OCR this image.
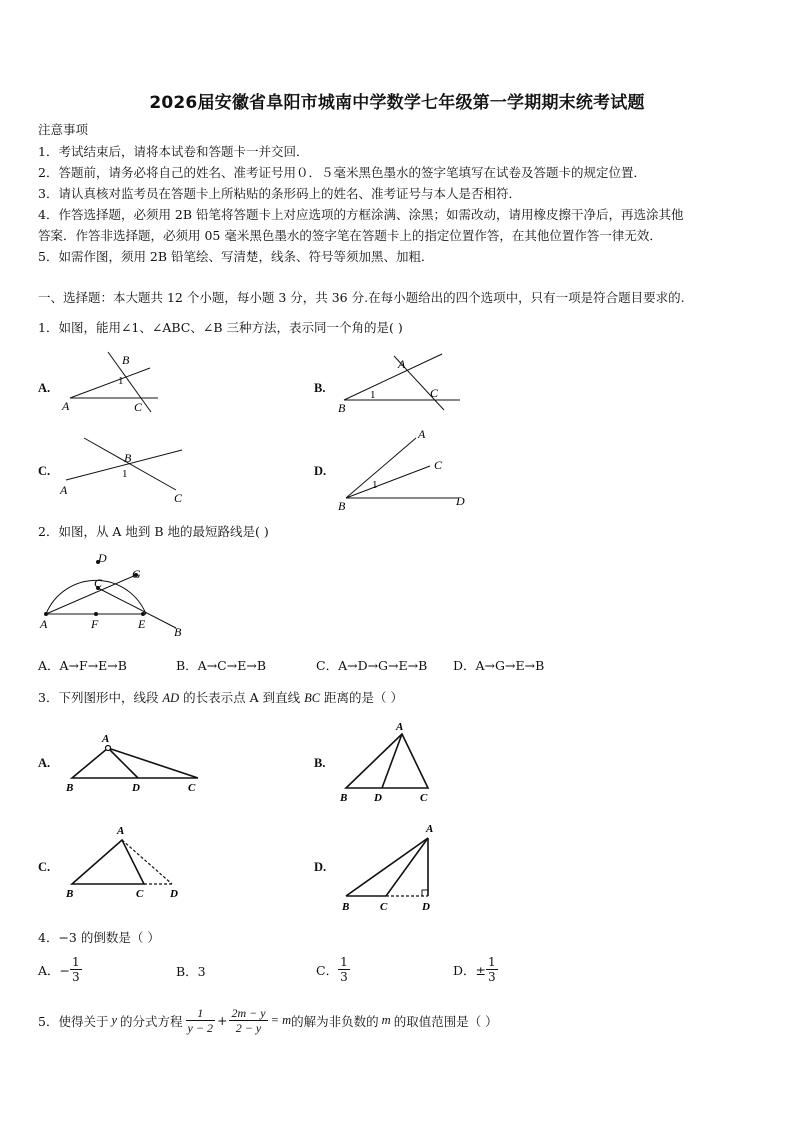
2026届安徽省阜阳市城南中学数学七年级第一学期期末统考试题
注意事项
1．考试结束后，请将本试卷和答题卡一并交回．
2．答题前，请务必将自己的姓名、准考证号用０．５毫米黑色墨水的签字笔填写在试卷及答题卡的规定位置．
3．请认真核对监考员在答题卡上所粘贴的条形码上的姓名、准考证号与本人是否相符．
4．作答选择题，必须用 2B 铅笔将答题卡上对应选项的方框涂满、涂黑；如需改动，请用橡皮擦干净后，再选涂其他
答案．作答非选择题，必须用 05 毫米黑色墨水的签字笔在答题卡上的指定位置作答，在其他位置作答一律无效．
5．如需作图，须用 2B 铅笔绘、写清楚，线条、符号等须加黑、加粗．
一、选择题：本大题共 12 个小题，每小题 3 分，共 36 分.在每小题给出的四个选项中，只有一项是符合题目要求的.
1．如图，能用∠1、∠ABC、∠B 三种方法，表示同一个角的是( )
A.
B
1
A	C
B.
A
1
B
C
C.
B
1
A
C
D.
A
C
1
B	D
2．如图，从 A 地到 B 地的最短路线是( )
D
C
G
A	F	E
B
A．A→F→E→B	B．A→C→E→B	C．A→D→G→E→B D．A→G→E→B
3．下列图形中，线段 AD 的长表示点 A 到直线 BC 距离的是（ ）
A.
A
B	D	C
B.
A
B D	C
C.
A
B	C D
D.
A
B	C	D
4．−3 的倒数是（ ）
A．− $\frac{1}{3}$	B．3	C． $\frac{1}{3}$	D．± $\frac{1}{3}$
5．使得关于 y 的分式方程 $\frac{1}{y - 2} + \frac{2m - y}{2 - y} = m$ 的解为非负数的 m 的取值范围是（ ）
